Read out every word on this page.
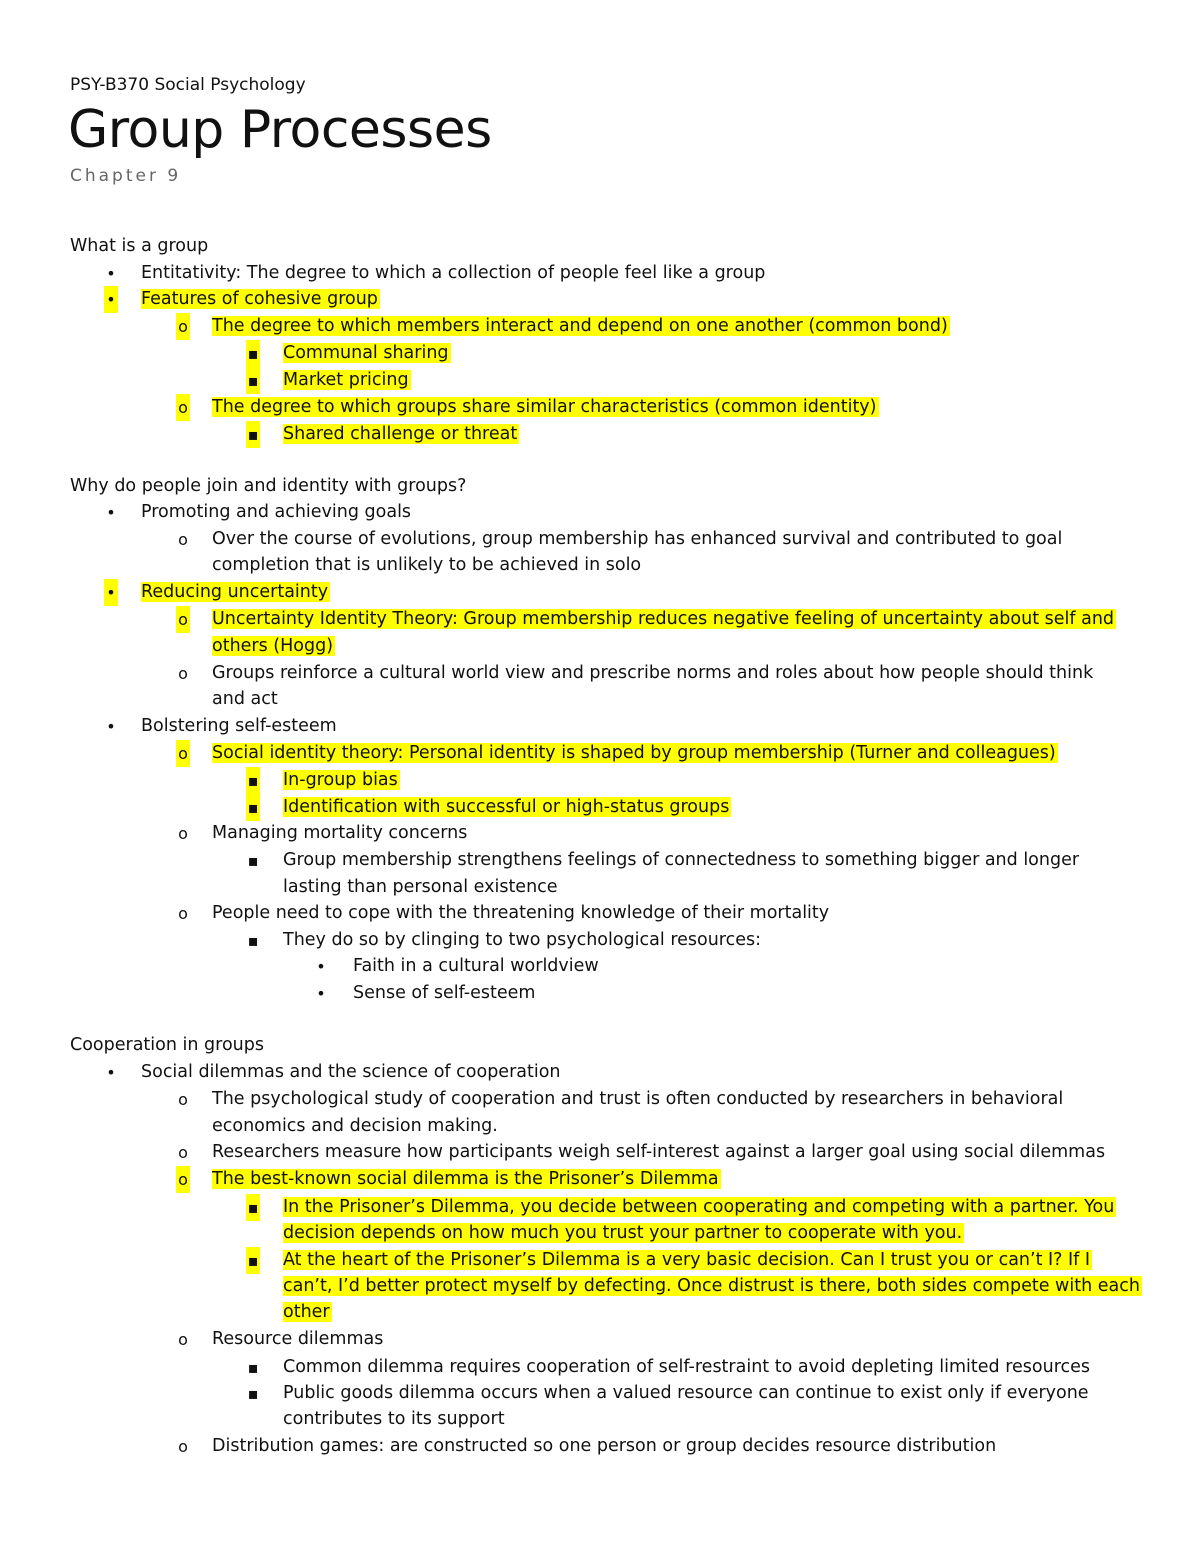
PSY-B370 Social Psychology
Group Processes
Chapter 9
What is a group
• Entitativity: The degree to which a collection of people feel like a group
• Features of cohesive group
o The degree to which members interact and depend on one another (common bond)
▪ Communal sharing
▪ Market pricing
o The degree to which groups share similar characteristics (common identity)
▪ Shared challenge or threat
Why do people join and identity with groups?
• Promoting and achieving goals
o Over the course of evolutions, group membership has enhanced survival and contributed to goal
completion that is unlikely to be achieved in solo
• Reducing uncertainty
o Uncertainty Identity Theory: Group membership reduces negative feeling of uncertainty about self and
others (Hogg)
o Groups reinforce a cultural world view and prescribe norms and roles about how people should think
and act
• Bolstering self-esteem
o Social identity theory: Personal identity is shaped by group membership (Turner and colleagues)
▪ In-group bias
▪ Identification with successful or high-status groups
o Managing mortality concerns
▪ Group membership strengthens feelings of connectedness to something bigger and longer
lasting than personal existence
o People need to cope with the threatening knowledge of their mortality
▪ They do so by clinging to two psychological resources:
• Faith in a cultural worldview
• Sense of self-esteem
Cooperation in groups
• Social dilemmas and the science of cooperation
o The psychological study of cooperation and trust is often conducted by researchers in behavioral
economics and decision making.
o Researchers measure how participants weigh self-interest against a larger goal using social dilemmas
o The best-known social dilemma is the Prisoner’s Dilemma
▪ In the Prisoner’s Dilemma, you decide between cooperating and competing with a partner. You
decision depends on how much you trust your partner to cooperate with you.
▪ At the heart of the Prisoner’s Dilemma is a very basic decision. Can I trust you or can’t I? If I
can’t, I’d better protect myself by defecting. Once distrust is there, both sides compete with each
other
o Resource dilemmas
▪ Common dilemma requires cooperation of self-restraint to avoid depleting limited resources
▪ Public goods dilemma occurs when a valued resource can continue to exist only if everyone
contributes to its support
o Distribution games: are constructed so one person or group decides resource distribution
